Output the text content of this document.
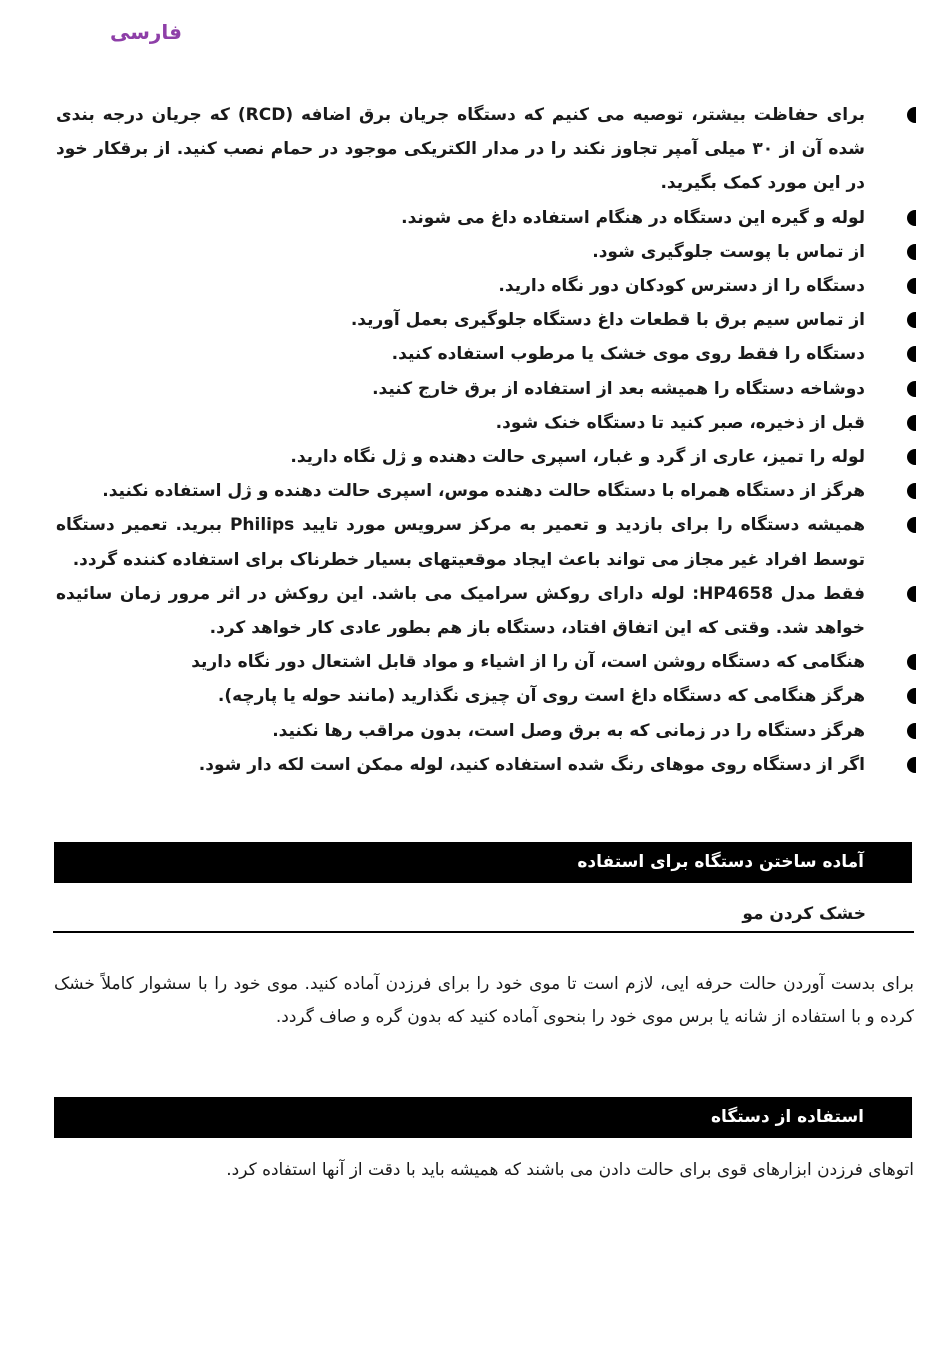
فارسی
برای حفاظت بیشتر، توصیه می کنیم که دستگاه جریان برق اضافه (RCD) که جریان درجه بندی شده آن از ۳۰ میلی آمپر تجاوز نکند را در مدار الکتریکی موجود در حمام نصب کنید. از برقکار خود در این مورد کمک بگیرید.
لوله و گیره این دستگاه در هنگام استفاده داغ می شوند.
از تماس با پوست جلوگیری شود.
دستگاه را از دسترس کودکان دور نگاه دارید.
از تماس سیم برق با قطعات داغ دستگاه جلوگیری بعمل آورید.
دستگاه را فقط روی موی خشک یا مرطوب استفاده کنید.
دوشاخه دستگاه را همیشه بعد از استفاده از برق خارج کنید.
قبل از ذخیره، صبر کنید تا دستگاه خنک شود.
لوله را تمیز، عاری از گرد و غبار، اسپری حالت دهنده و ژل نگاه دارید.
هرگز از دستگاه همراه با دستگاه حالت دهنده موس، اسپری حالت دهنده و ژل استفاده نکنید.
همیشه دستگاه را برای بازدید و تعمیر به مرکز سرویس مورد تایید Philips ببرید. تعمیر دستگاه توسط افراد غیر مجاز می تواند باعث ایجاد موقعیتهای بسیار خطرناک برای استفاده کننده گردد.
فقط مدل HP4658: لوله دارای روکش سرامیک می باشد. این روکش در اثر مرور زمان سائیده خواهد شد. وقتی که این اتفاق افتاد، دستگاه باز هم بطور عادی کار خواهد کرد.
هنگامی که دستگاه روشن است، آن را از اشیاء و مواد قابل اشتعال دور نگاه دارید
هرگز هنگامی که دستگاه داغ است روی آن چیزی نگذارید (مانند حوله یا پارچه).
هرگز دستگاه را در زمانی که به برق وصل است، بدون مراقب رها نکنید.
اگر از دستگاه روی موهای رنگ شده استفاده کنید، لوله ممکن است لکه دار شود.
آماده ساختن دستگاه برای استفاده
خشک کردن مو
برای بدست آوردن حالت حرفه ایی، لازم است تا موی خود را برای فرزدن آماده کنید. موی خود را با سشوار کاملاً خشک کرده و با استفاده از شانه یا برس موی خود را بنحوی آماده کنید که بدون گره و صاف گردد.
استفاده از دستگاه
اتوهای فرزدن ابزارهای قوی برای حالت دادن می باشند که همیشه باید با دقت از آنها استفاده کرد.
